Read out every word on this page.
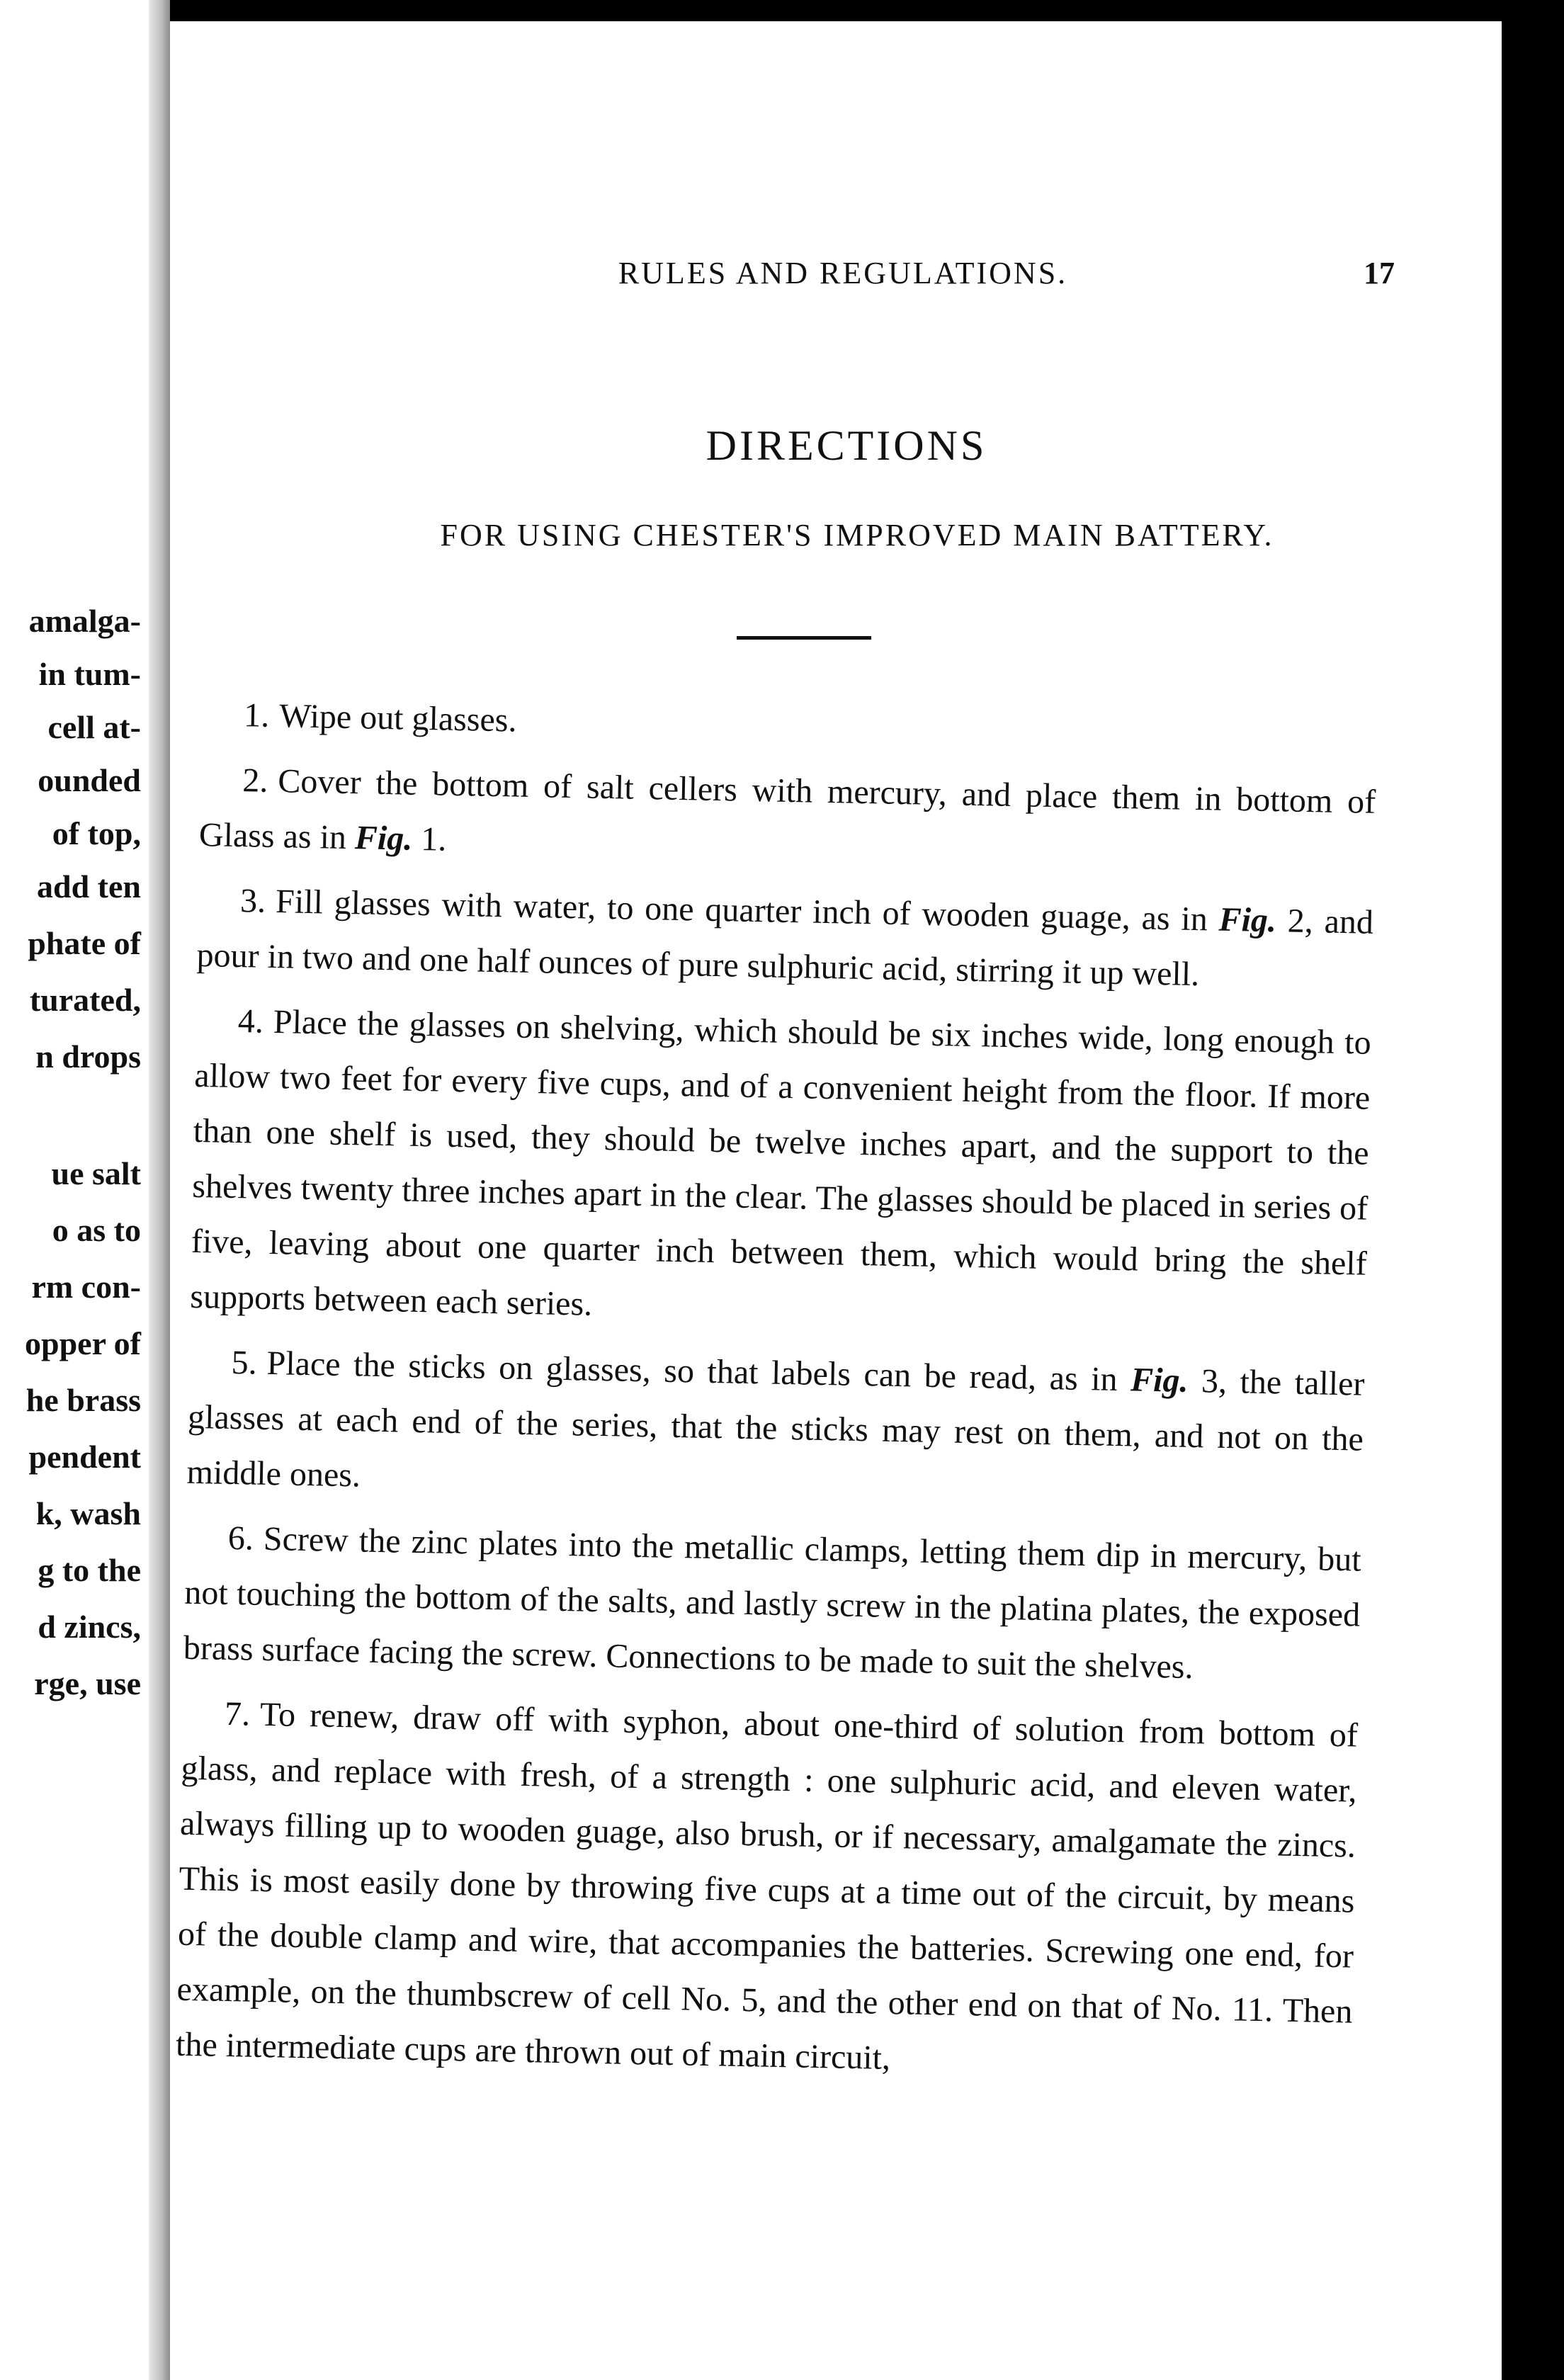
amalga-
in tum-
cell at-
ounded
of top,
add ten
phate of
turated,
n drops
ue salt
o as to
rm con-
opper of
he brass
pendent
k, wash
g to the
d zincs,
rge, use
RULES AND REGULATIONS.	17
DIRECTIONS
FOR USING CHESTER'S IMPROVED MAIN BATTERY.

1. Wipe out glasses.

2. Cover the bottom of salt cellers with mercury, and place them in bottom of Glass as in Fig. 1.

3. Fill glasses with water, to one quarter inch of wooden guage, as in Fig. 2, and pour in two and one half ounces of pure sulphuric acid, stirring it up well.

4. Place the glasses on shelving, which should be six inches wide, long enough to allow two feet for every five cups, and of a convenient height from the floor. If more than one shelf is used, they should be twelve inches apart, and the support to the shelves twenty three inches apart in the clear. The glasses should be placed in series of five, leaving about one quarter inch between them, which would bring the shelf supports between each series.

5. Place the sticks on glasses, so that labels can be read, as in Fig. 3, the taller glasses at each end of the series, that the sticks may rest on them, and not on the middle ones.

6. Screw the zinc plates into the metallic clamps, letting them dip in mercury, but not touching the bottom of the salts, and lastly screw in the platina plates, the exposed brass surface facing the screw. Connections to be made to suit the shelves.

7. To renew, draw off with syphon, about one-third of solution from bottom of glass, and replace with fresh, of a strength : one sulphuric acid, and eleven water, always filling up to wooden guage, also brush, or if necessary, amalgamate the zincs. This is most easily done by throwing five cups at a time out of the circuit, by means of the double clamp and wire, that accompanies the batteries. Screwing one end, for example, on the thumbscrew of cell No. 5, and the other end on that of No. 11. Then the intermediate cups are thrown out of main circuit,
